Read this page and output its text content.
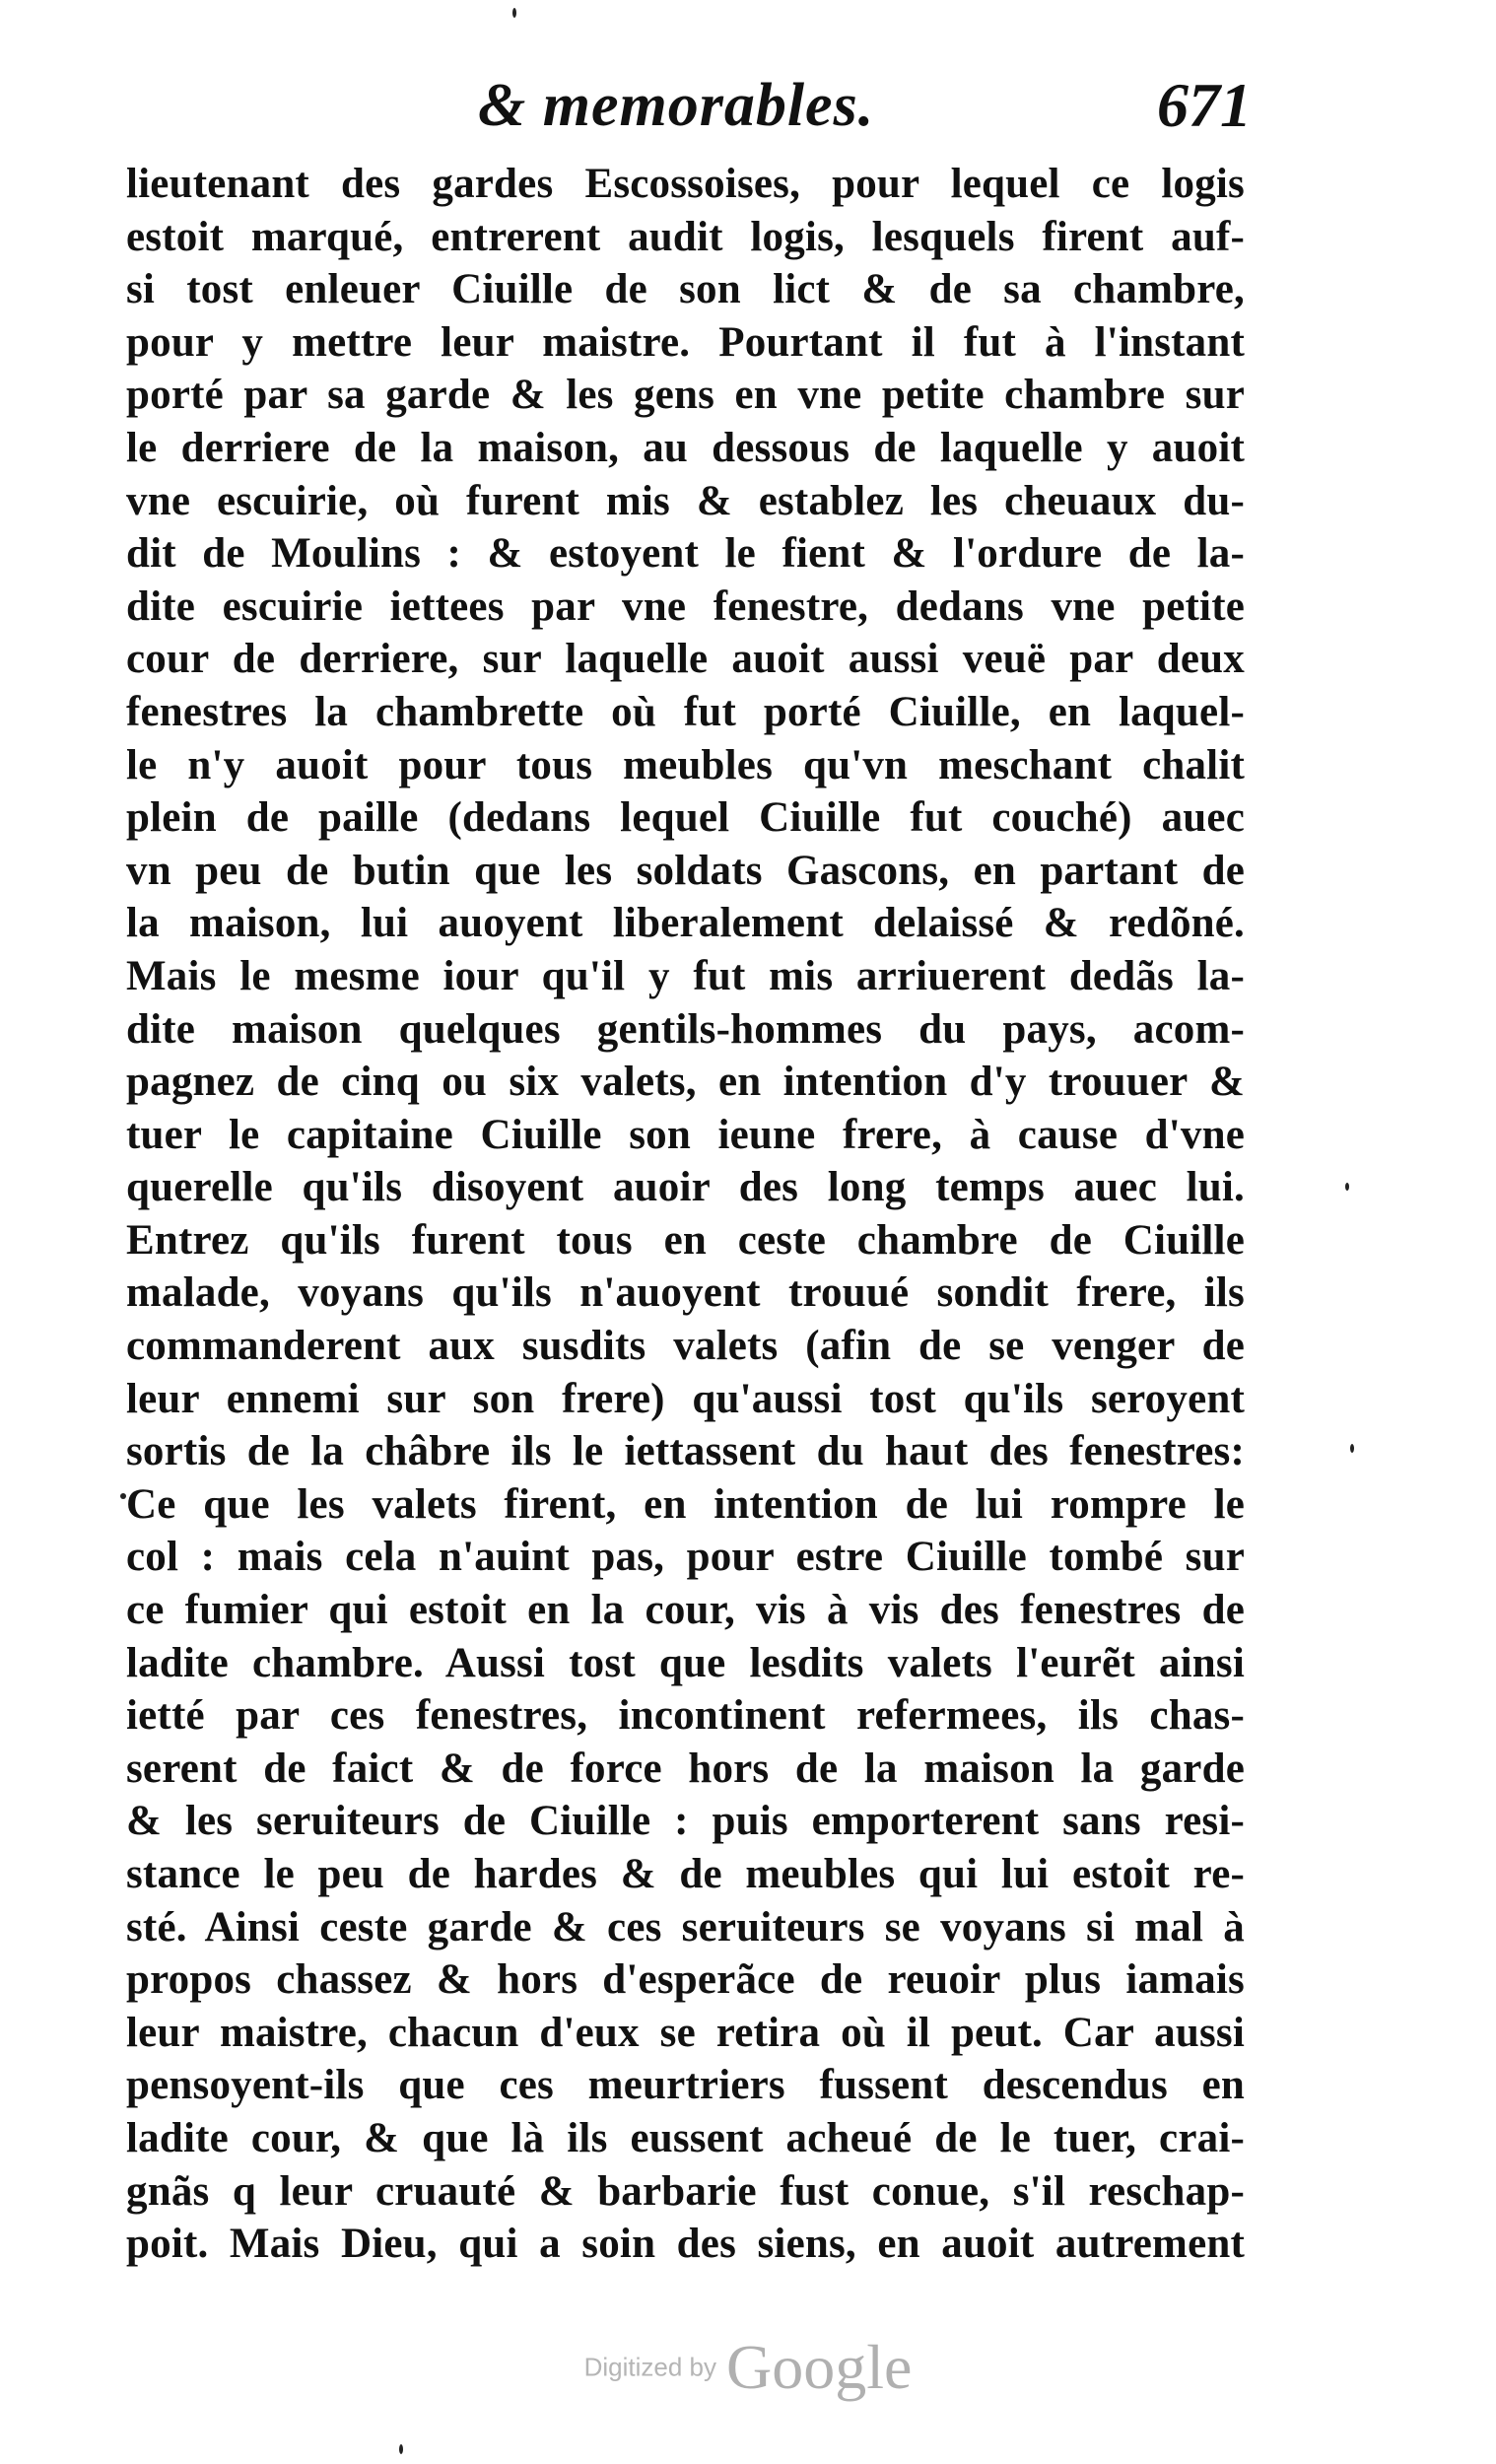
& memorables.	671
lieutenant des gardes Escossoises, pour lequel ce logis
estoit marqué, entrerent audit logis, lesquels firent auf-
si tost enleuer Ciuille de son lict & de sa chambre,
pour y mettre leur maistre. Pourtant il fut à l'instant
porté par sa garde & les gens en vne petite chambre sur
le derriere de la maison, au dessous de laquelle y auoit
vne escuirie, où furent mis & establez les cheuaux du-
dit de Moulins : & estoyent le fient & l'ordure de la-
dite escuirie iettees par vne fenestre, dedans vne petite
cour de derriere, sur laquelle auoit aussi veuë par deux
fenestres la chambrette où fut porté Ciuille, en laquel-
le n'y auoit pour tous meubles qu'vn meschant chalit
plein de paille (dedans lequel Ciuille fut couché) auec
vn peu de butin que les soldats Gascons, en partant de
la maison, lui auoyent liberalement delaissé & redõné.
Mais le mesme iour qu'il y fut mis arriuerent dedãs la-
dite maison quelques gentils-hommes du pays, acom-
pagnez de cinq ou six valets, en intention d'y trouuer &
tuer le capitaine Ciuille son ieune frere, à cause d'vne
querelle qu'ils disoyent auoir des long temps auec lui.
Entrez qu'ils furent tous en ceste chambre de Ciuille
malade, voyans qu'ils n'auoyent trouué sondit frere, ils
commanderent aux susdits valets (afin de se venger de
leur ennemi sur son frere) qu'aussi tost qu'ils seroyent
sortis de la châbre ils le iettassent du haut des fenestres:
Ce que les valets firent, en intention de lui rompre le
col : mais cela n'auint pas, pour estre Ciuille tombé sur
ce fumier qui estoit en la cour, vis à vis des fenestres de
ladite chambre. Aussi tost que lesdits valets l'eurẽt ainsi
ietté par ces fenestres, incontinent refermees, ils chas-
serent de faict & de force hors de la maison la garde
& les seruiteurs de Ciuille : puis emporterent sans resi-
stance le peu de hardes & de meubles qui lui estoit re-
sté. Ainsi ceste garde & ces seruiteurs se voyans si mal à
propos chassez & hors d'esperãce de reuoir plus iamais
leur maistre, chacun d'eux se retira où il peut. Car aussi
pensoyent-ils que ces meurtriers fussent descendus en
ladite cour, & que là ils eussent acheué de le tuer, crai-
gnãs q leur cruauté & barbarie fust conue, s'il reschap-
poit. Mais Dieu, qui a soin des siens, en auoit autrement
Digitized by Google
